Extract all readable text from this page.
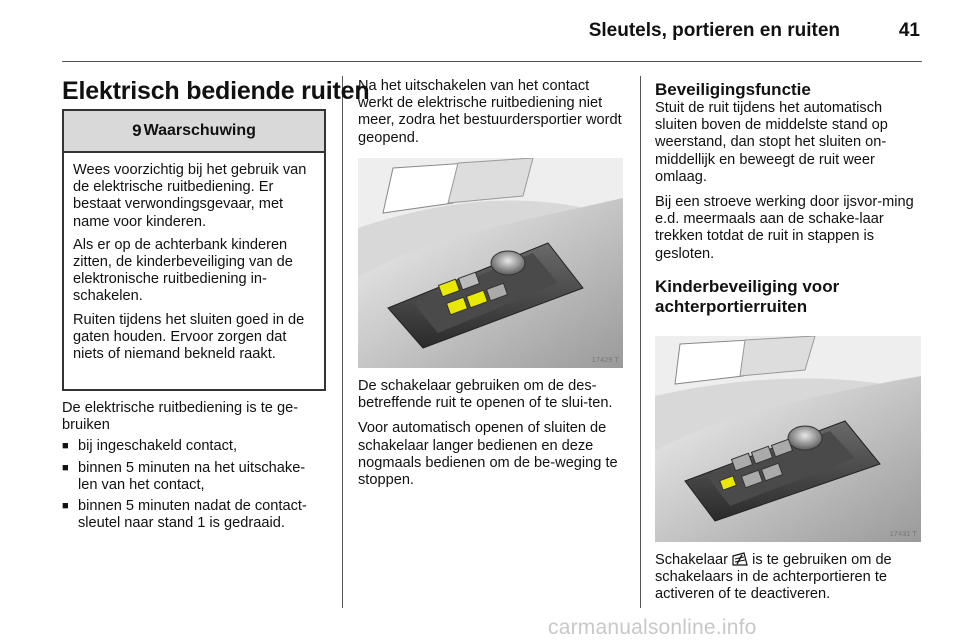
Sleutels, portieren en ruiten	41
Elektrisch bediende ruiten
9 Waarschuwing

Wees voorzichtig bij het gebruik van de elektrische ruitbediening. Er bestaat verwondingsgevaar, met name voor kinderen.

Als er op de achterbank kinderen zitten, de kinderbeveiliging van de elektronische ruitbediening in-schakelen.

Ruiten tijdens het sluiten goed in de gaten houden. Ervoor zorgen dat niets of niemand bekneld raakt.

De elektrische ruitbediening is te ge-bruiken

■ bij ingeschakeld contact,
■ binnen 5 minuten na het uitschake-len van het contact,
■ binnen 5 minuten nadat de contact-sleutel naar stand 1 is gedraaid.

Na het uitschakelen van het contact werkt de elektrische ruitbediening niet meer, zodra het bestuurdersportier wordt geopend.

17429 T

De schakelaar gebruiken om de des-betreffende ruit te openen of te slui-ten.

Voor automatisch openen of sluiten de schakelaar langer bedienen en deze nogmaals bedienen om de be-weging te stoppen.

Beveiligingsfunctie

Stuit de ruit tijdens het automatisch sluiten boven de middelste stand op weerstand, dan stopt het sluiten on-middellijk en beweegt de ruit weer omlaag.

Bij een stroeve werking door ijsvor-ming e.d. meermaals aan de schake-laar trekken totdat de ruit in stappen is gesloten.

Kinderbeveiliging voor achterportierruiten
17431 T

Schakelaar is te gebruiken om de schakelaars in de achterportieren te activeren of te deactiveren.

carmanualsonline.info
